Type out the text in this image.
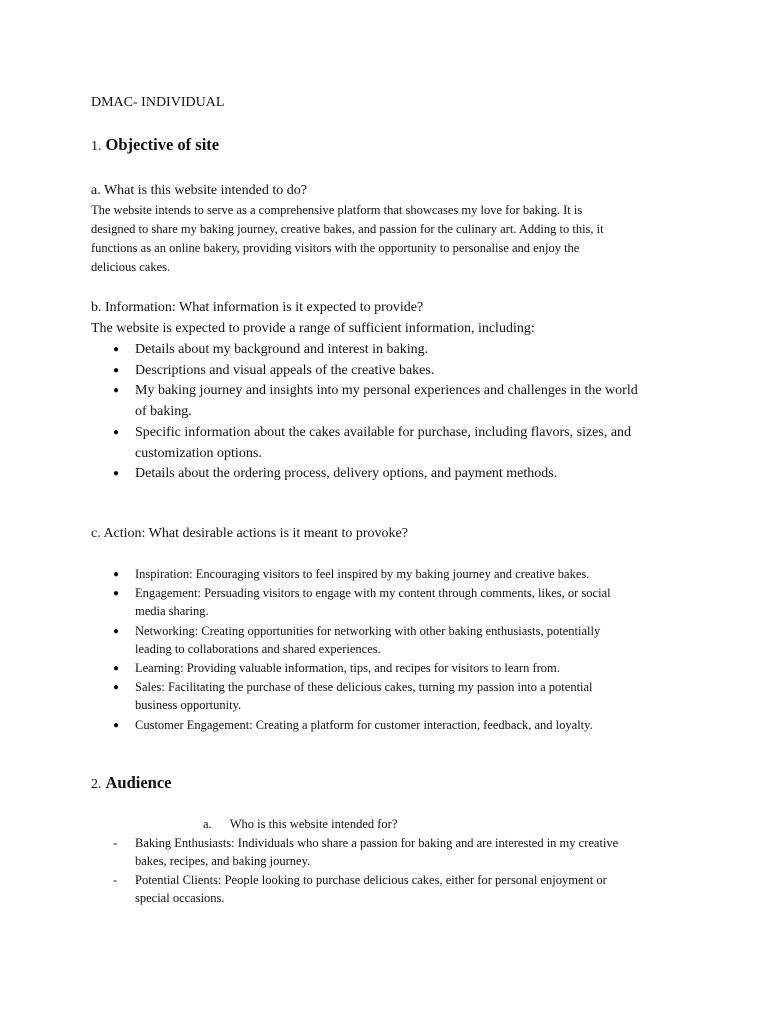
DMAC- INDIVIDUAL
1. Objective of site
a. What is this website intended to do?
The website intends to serve as a comprehensive platform that showcases my love for baking. It is
designed to share my baking journey, creative bakes, and passion for the culinary art. Adding to this, it
functions as an online bakery, providing visitors with the opportunity to personalise and enjoy the
delicious cakes.
b. Information: What information is it expected to provide?
The website is expected to provide a range of sufficient information, including:
● Details about my background and interest in baking.
● Descriptions and visual appeals of the creative bakes.
● My baking journey and insights into my personal experiences and challenges in the world
of baking.
● Specific information about the cakes available for purchase, including flavors, sizes, and
customization options.
● Details about the ordering process, delivery options, and payment methods.
c. Action: What desirable actions is it meant to provoke?
● Inspiration: Encouraging visitors to feel inspired by my baking journey and creative bakes.
● Engagement: Persuading visitors to engage with my content through comments, likes, or social
media sharing.
● Networking: Creating opportunities for networking with other baking enthusiasts, potentially
leading to collaborations and shared experiences.
● Learning: Providing valuable information, tips, and recipes for visitors to learn from.
● Sales: Facilitating the purchase of these delicious cakes, turning my passion into a potential
business opportunity.
● Customer Engagement: Creating a platform for customer interaction, feedback, and loyalty.
2. Audience
a. Who is this website intended for?
- Baking Enthusiasts: Individuals who share a passion for baking and are interested in my creative
bakes, recipes, and baking journey.
- Potential Clients: People looking to purchase delicious cakes, either for personal enjoyment or
special occasions.
